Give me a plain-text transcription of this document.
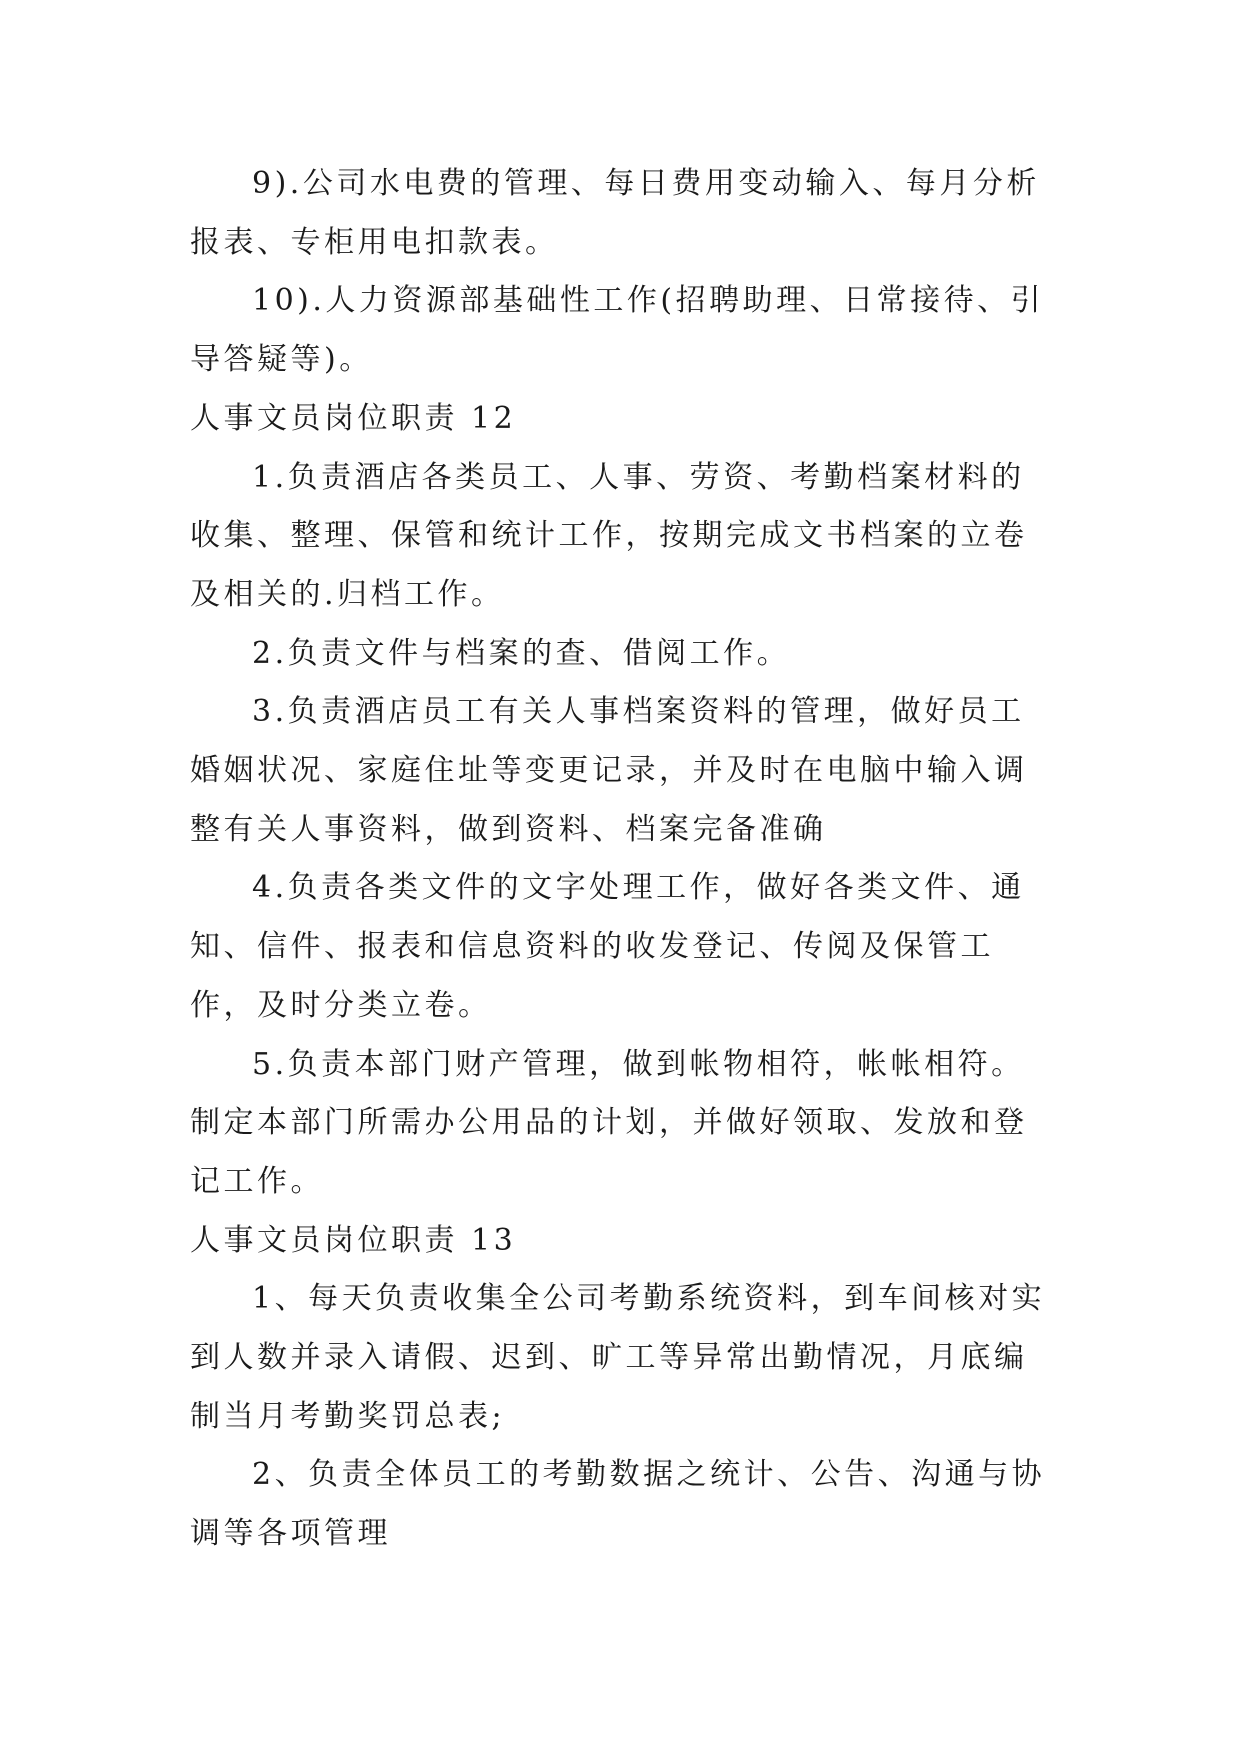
9).公司水电费的管理、每日费用变动输入、每月分析报表、专柜用电扣款表。

10).人力资源部基础性工作(招聘助理、日常接待、引导答疑等)。

人事文员岗位职责 12

1.负责酒店各类员工、人事、劳资、考勤档案材料的收集、整理、保管和统计工作，按期完成文书档案的立卷及相关的.归档工作。

2.负责文件与档案的查、借阅工作。

3.负责酒店员工有关人事档案资料的管理，做好员工婚姻状况、家庭住址等变更记录，并及时在电脑中输入调整有关人事资料，做到资料、档案完备准确

4.负责各类文件的文字处理工作，做好各类文件、通知、信件、报表和信息资料的收发登记、传阅及保管工作，及时分类立卷。

5.负责本部门财产管理，做到帐物相符，帐帐相符。制定本部门所需办公用品的计划，并做好领取、发放和登记工作。

人事文员岗位职责 13

1、每天负责收集全公司考勤系统资料，到车间核对实到人数并录入请假、迟到、旷工等异常出勤情况，月底编制当月考勤奖罚总表;

2、负责全体员工的考勤数据之统计、公告、沟通与协调等各项管理
